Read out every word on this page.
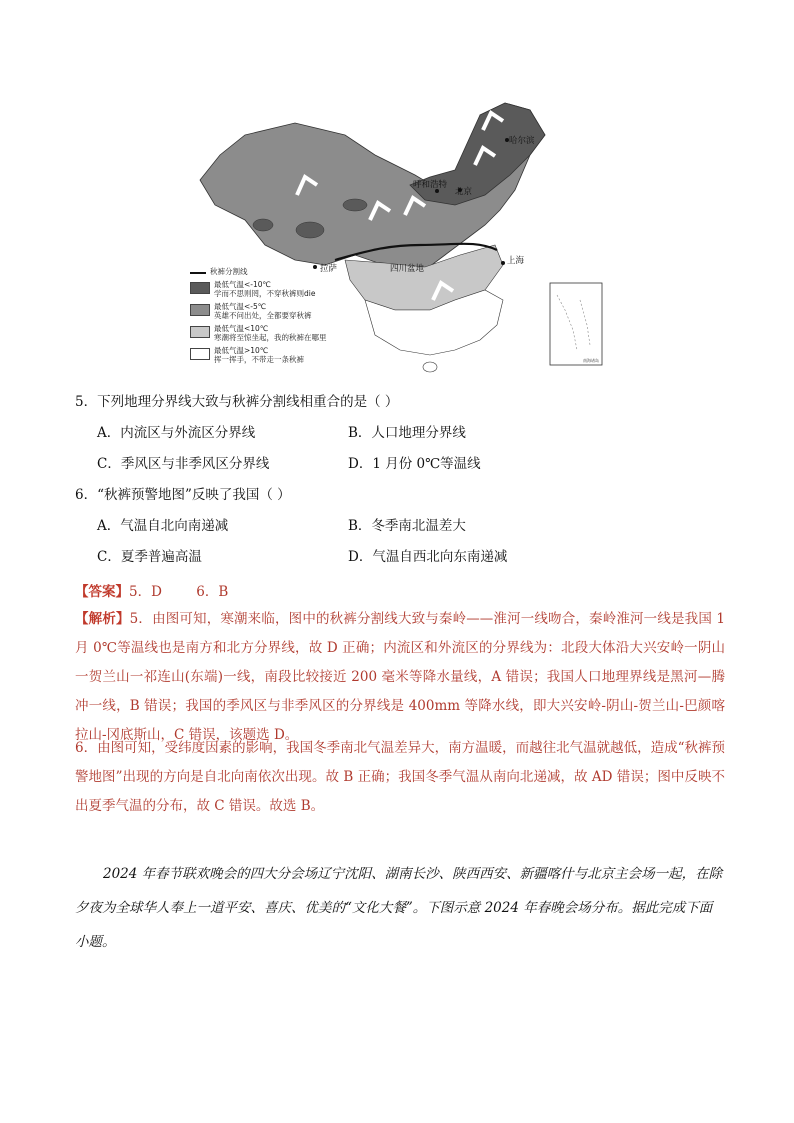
哈尔滨
呼和浩特
北京
拉萨	四川盆地
上海
南海诸岛
秋裤分割线
最低气温<-10℃
学而不思则罔，不穿秋裤则die
最低气温<-5℃
英雄不问出处，全都要穿秋裤
最低气温<10℃
寒潮将至惊坐起，我的秋裤在哪里
最低气温>10℃
挥一挥手，不带走一条秋裤
5．下列地理分界线大致与秋裤分割线相重合的是（ ）
A．内流区与外流区分界线	B．人口地理分界线
C．季风区与非季风区分界线	D．1 月份 0℃等温线
6．“秋裤预警地图”反映了我国（ ）
A．气温自北向南递减	B．冬季南北温差大
C．夏季普遍高温	D．气温自西北向东南递减
【答案】5．D        6．B
【解析】5．由图可知，寒潮来临，图中的秋裤分割线大致与秦岭——淮河一线吻合，秦岭淮河一线是我国 1 月 0℃等温线也是南方和北方分界线，故 D 正确；内流区和外流区的分界线为：北段大体沿大兴安岭一阴山一贺兰山一祁连山(东端)一线，南段比较接近 200 毫米等降水量线，A 错误；我国人口地理界线是黑河—腾冲一线，B 错误；我国的季风区与非季风区的分界线是 400mm 等降水线，即大兴安岭-阴山-贺兰山-巴颜喀拉山-冈底斯山，C 错误，该题选 D。
6．由图可知，受纬度因素的影响，我国冬季南北气温差异大，南方温暖，而越往北气温就越低，造成“秋裤预警地图”出现的方向是自北向南依次出现。故 B 正确；我国冬季气温从南向北递减，故 AD 错误；图中反映不出夏季气温的分布，故 C 错误。故选 B。
2024 年春节联欢晚会的四大分会场辽宁沈阳、湖南长沙、陕西西安、新疆喀什与北京主会场一起，在除夕夜为全球华人奉上一道平安、喜庆、优美的“文化大餐”。下图示意 2024 年春晚会场分布。据此完成下面小题。
